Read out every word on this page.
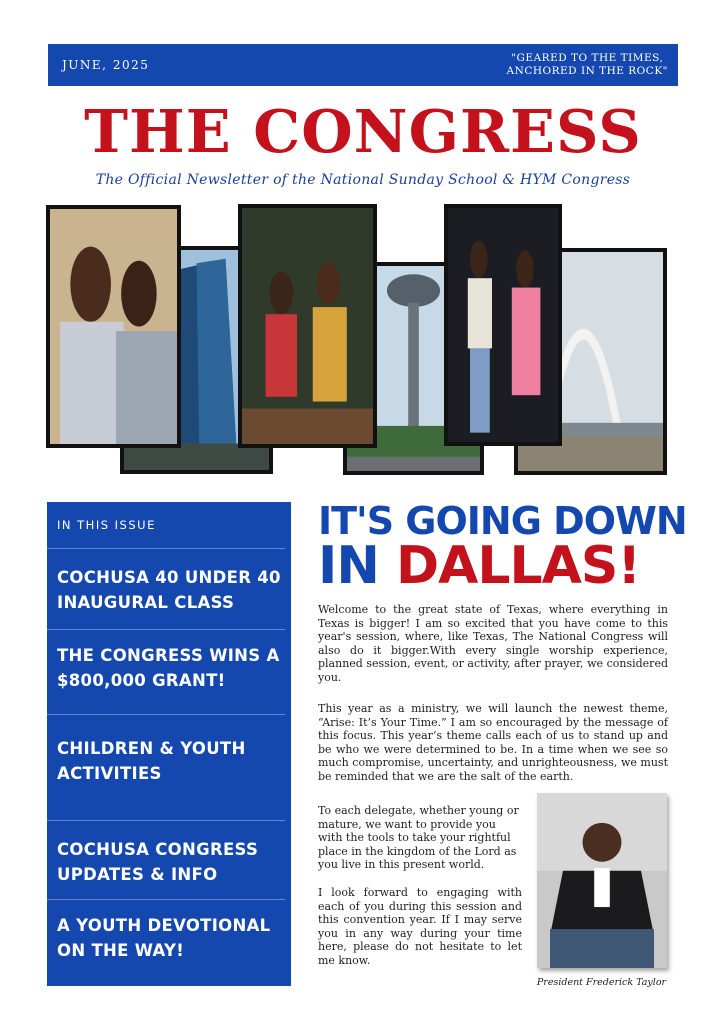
JUNE, 2025	"GEARED TO THE TIMES,
ANCHORED IN THE ROCK"
THE CONGRESS
The Official Newsletter of the National Sunday School & HYM Congress
IN THIS ISSUE
COCHUSA 40 UNDER 40
INAUGURAL CLASS
THE CONGRESS WINS A
$800,000 GRANT!
CHILDREN & YOUTH
ACTIVITIES
COCHUSA CONGRESS
UPDATES & INFO
A YOUTH DEVOTIONAL
ON THE WAY!
IT'S GOING DOWN
IN DALLAS!

Welcome to the great state of Texas, where everything in Texas is bigger! I am so excited that you have come to this year's session, where, like Texas, The National Congress will also do it bigger.With every single worship experience, planned session, event, or activity, after prayer, we considered you.

This year as a ministry, we will launch the newest theme, “Arise: It’s Your Time.” I am so encouraged by the message of this focus. This year’s theme calls each of us to stand up and be who we were determined to be. In a time when we see so much compromise, uncertainty, and unrighteousness, we must be reminded that we are the salt of the earth.

To each delegate, whether young or mature, we want to provide you with the tools to take your rightful place in the kingdom of the Lord as you live in this present world.

I look forward to engaging with each of you during this session and this convention year. If I may serve you in any way during your time here, please do not hesitate to let me know.

President Frederick Taylor
